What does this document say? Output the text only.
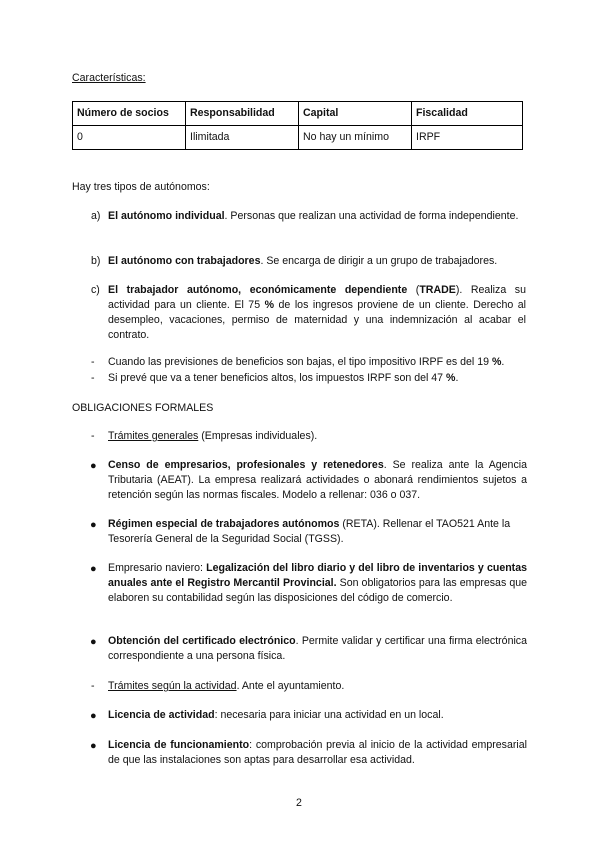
Características:
Número de socios	Responsabilidad	Capital	Fiscalidad
0	Ilimitada	No hay un mínimo	IRPF
Hay tres tipos de autónomos:
a) El autónomo individual. Personas que realizan una actividad de forma independiente.
b) El autónomo con trabajadores. Se encarga de dirigir a un grupo de trabajadores.
c) El trabajador autónomo, económicamente dependiente (TRADE). Realiza su actividad para un cliente. El 75 % de los ingresos proviene de un cliente. Derecho al desempleo, vacaciones, permiso de maternidad y una indemnización al acabar el contrato.
- Cuando las previsiones de beneficios son bajas, el tipo impositivo IRPF es del 19 %.
- Si prevé que va a tener beneficios altos, los impuestos IRPF son del 47 %.
OBLIGACIONES FORMALES
- Trámites generales (Empresas individuales).
● Censo de empresarios, profesionales y retenedores. Se realiza ante la Agencia Tributaria (AEAT). La empresa realizará actividades o abonará rendimientos sujetos a retención según las normas fiscales. Modelo a rellenar: 036 o 037.
● Régimen especial de trabajadores autónomos (RETA). Rellenar el TAO521 Ante la Tesorería General de la Seguridad Social (TGSS).
● Empresario naviero: Legalización del libro diario y del libro de inventarios y cuentas anuales ante el Registro Mercantil Provincial. Son obligatorios para las empresas que elaboren su contabilidad según las disposiciones del código de comercio.
● Obtención del certificado electrónico. Permite validar y certificar una firma electrónica correspondiente a una persona física.
- Trámites según la actividad. Ante el ayuntamiento.
● Licencia de actividad: necesaria para iniciar una actividad en un local.
● Licencia de funcionamiento: comprobación previa al inicio de la actividad empresarial de que las instalaciones son aptas para desarrollar esa actividad.
2
